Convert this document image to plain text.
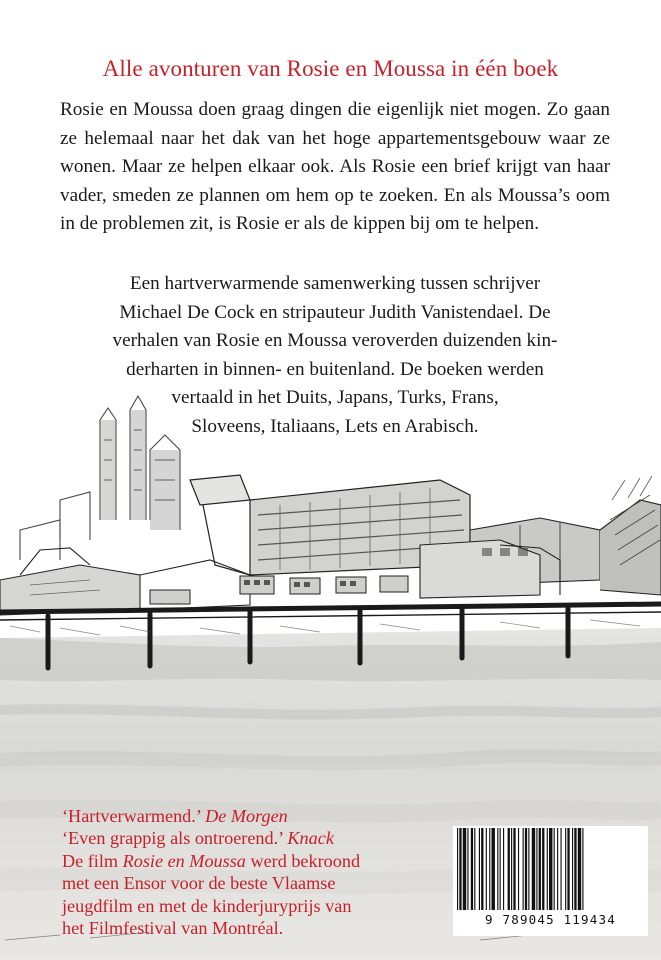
Alle avonturen van Rosie en Moussa in één boek

Rosie en Moussa doen graag dingen die eigenlijk niet mogen. Zo gaan ze helemaal naar het dak van het hoge appartementsgebouw waar ze wonen. Maar ze helpen elkaar ook. Als Rosie een brief krijgt van haar vader, smeden ze plannen om hem op te zoeken. En als Moussa’s oom in de problemen zit, is Rosie er als de kippen bij om te helpen.

Een hartverwarmende samenwerking tussen schrijver
Michael De Cock en stripauteur Judith Vanistendael. De
verhalen van Rosie en Moussa veroverden duizenden kin-
derharten in binnen- en buitenland. De boeken werden
vertaald in het Duits, Japans, Turks, Frans,
Sloveens, Italiaans, Lets en Arabisch.

‘Hartverwarmend.’ De Morgen
‘Even grappig als ontroerend.’ Knack
De film Rosie en Moussa werd bekroond
met een Ensor voor de beste Vlaamse
jeugdfilm en met de kinderjuryprijs van
het Filmfestival van Montréal.	9 789045 119434
